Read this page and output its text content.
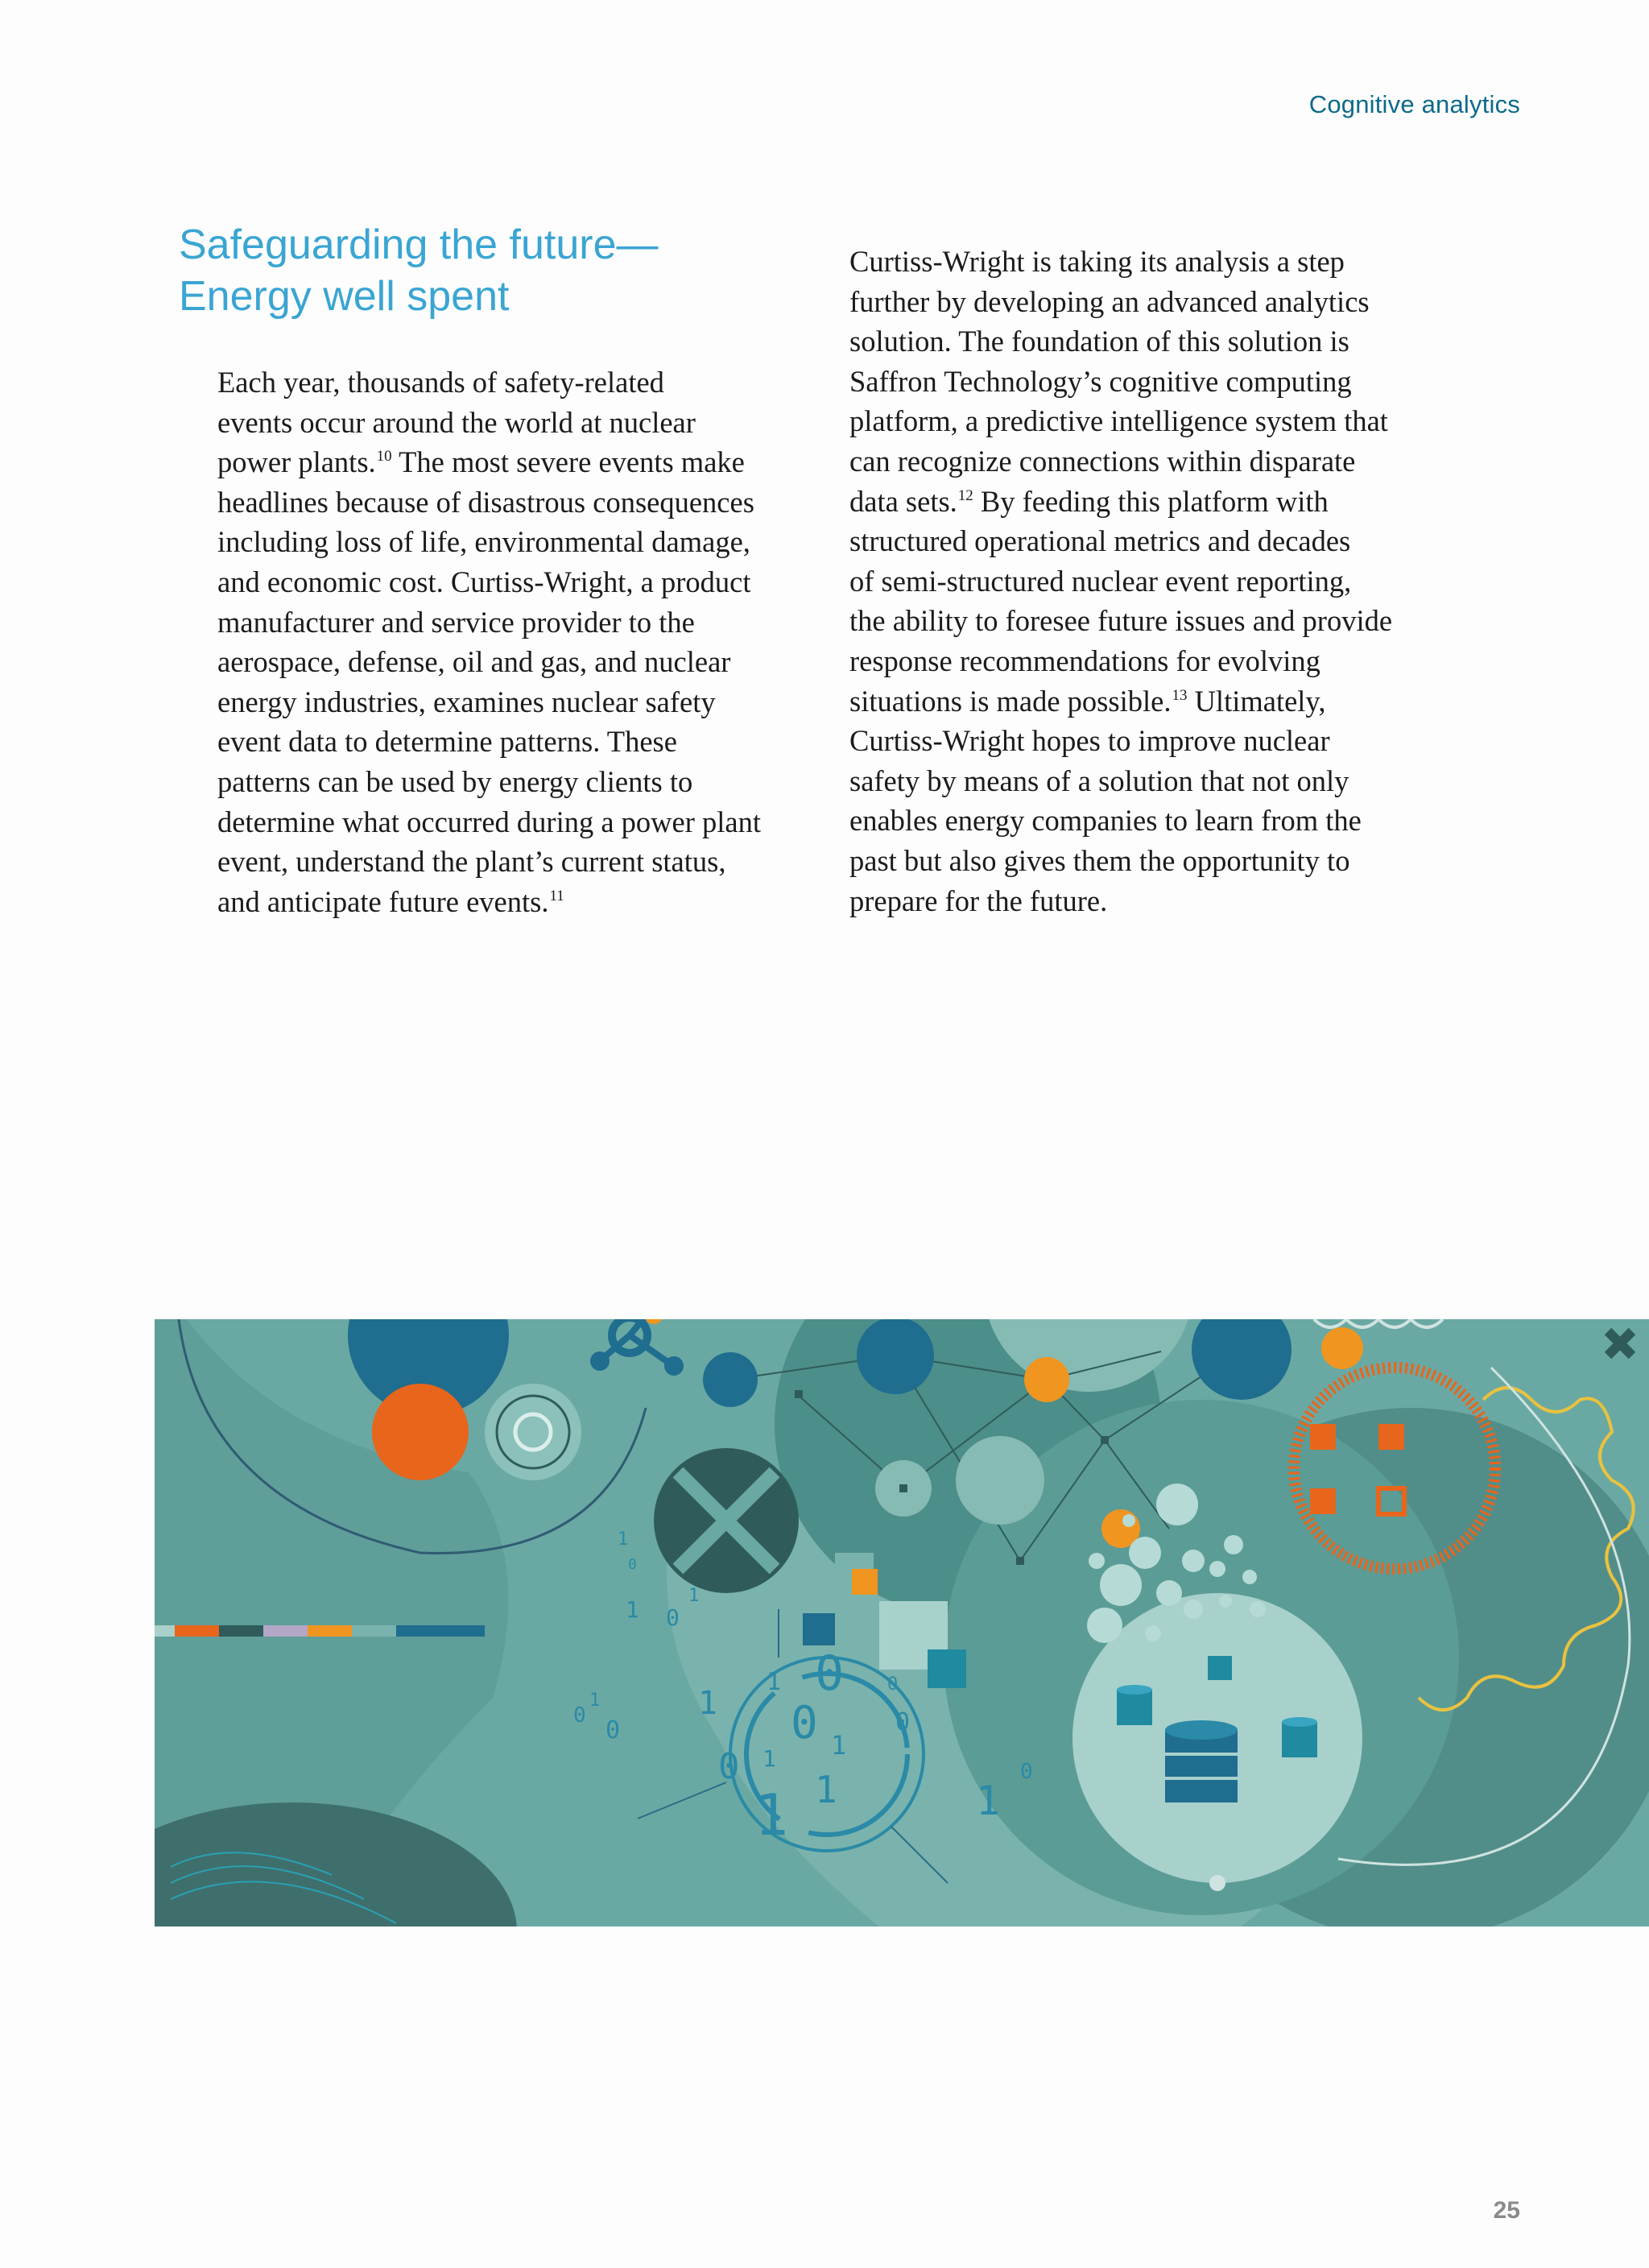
Cognitive analytics
Safeguarding the future—
Energy well spent

Each year, thousands of safety-related
events occur around the world at nuclear
power plants.$^{10}$ The most severe events make
headlines because of disastrous consequences
including loss of life, environmental damage,
and economic cost. Curtiss-Wright, a product
manufacturer and service provider to the
aerospace, defense, oil and gas, and nuclear
energy industries, examines nuclear safety
event data to determine patterns. These
patterns can be used by energy clients to
determine what occurred during a power plant
event, understand the plant’s current status,
and anticipate future events.$^{11}$

Curtiss-Wright is taking its analysis a step
further by developing an advanced analytics
solution. The foundation of this solution is
Saffron Technology’s cognitive computing
platform, a predictive intelligence system that
can recognize connections within disparate
data sets.$^{12}$ By feeding this platform with
structured operational metrics and decades
of semi-structured nuclear event reporting,
the ability to foresee future issues and provide
response recommendations for evolving
situations is made possible.$^{13}$ Ultimately,
Curtiss-Wright hopes to improve nuclear
safety by means of a solution that not only
enables energy companies to learn from the
past but also gives them the opportunity to
prepare for the future.

1
0
1 0
1
0
0
1
0 1
0
1
1
0
1
0
1 1
0
1
0
25
